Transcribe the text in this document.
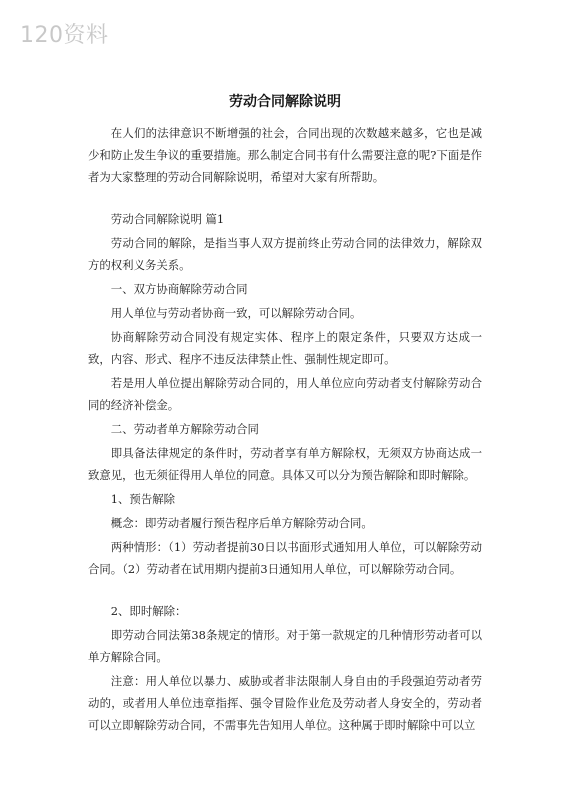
120资料
劳动合同解除说明

在人们的法律意识不断增强的社会，合同出现的次数越来越多，它也是减少和防止发生争议的重要措施。那么制定合同书有什么需要注意的呢?下面是作者为大家整理的劳动合同解除说明，希望对大家有所帮助。

劳动合同解除说明 篇1

劳动合同的解除，是指当事人双方提前终止劳动合同的法律效力，解除双方的权利义务关系。

一、双方协商解除劳动合同

用人单位与劳动者协商一致，可以解除劳动合同。

协商解除劳动合同没有规定实体、程序上的限定条件，只要双方达成一致，内容、形式、程序不违反法律禁止性、强制性规定即可。

若是用人单位提出解除劳动合同的，用人单位应向劳动者支付解除劳动合同的经济补偿金。

二、劳动者单方解除劳动合同

即具备法律规定的条件时，劳动者享有单方解除权，无须双方协商达成一致意见，也无须征得用人单位的同意。具体又可以分为预告解除和即时解除。

1、预告解除

概念：即劳动者履行预告程序后单方解除劳动合同。

两种情形：（1）劳动者提前30日以书面形式通知用人单位，可以解除劳动合同。（2）劳动者在试用期内提前3日通知用人单位，可以解除劳动合同。

2、即时解除：

即劳动合同法第38条规定的情形。对于第一款规定的几种情形劳动者可以单方解除合同。

注意：用人单位以暴力、威胁或者非法限制人身自由的手段强迫劳动者劳动的，或者用人单位违章指挥、强令冒险作业危及劳动者人身安全的，劳动者可以立即解除劳动合同，不需事先告知用人单位。这种属于即时解除中可以立
